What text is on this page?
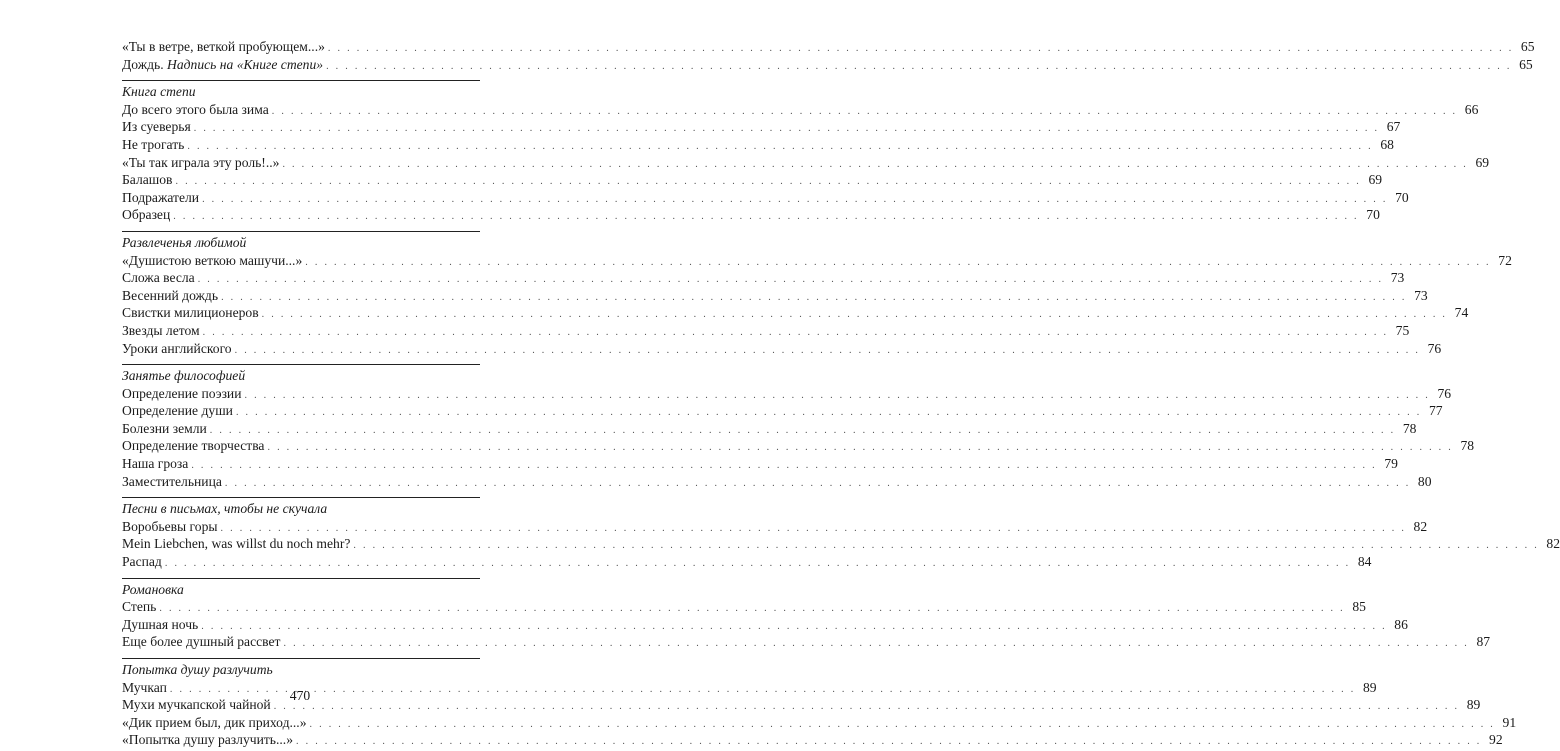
«Ты в ветре, веткой пробующем...» . . .	65
Дождь. Надпись на «Книге степи» . . .	65
Книга степи
До всего этого была зима . . .	66
Из суеверья . . .	67
Не трогать . . .	68
«Ты так играла эту роль!..» . . .	69
Балашов . . .	69
Подражатели . . .	70
Образец . . .	70
Развлеченья любимой
«Душистою веткою машучи...» . . .	72
Сложа весла . . .	73
Весенний дождь . . .	73
Свистки милиционеров . . .	74
Звезды летом . . .	75
Уроки английского . . .	76
Занятье философией
Определение поэзии . . .	76
Определение души . . .	77
Болезни земли . . .	78
Определение творчества . . .	78
Наша гроза . . .	79
Заместительница . . .	80
Песни в письмах, чтобы не скучала
Воробьевы горы . . .	82
Mein Liebchen, was willst du noch mehr? . . .	82
Распад . . .	84
Романовка
Степь . . .	85
Душная ночь . . .	86
Еще более душный рассвет . . .	87
Попытка душу разлучить
Мучкап . . .	89
Мухи мучкапской чайной . . .	89
«Дик прием был, дик приход...» . . .	91
«Попытка душу разлучить...» . . .	92
470
